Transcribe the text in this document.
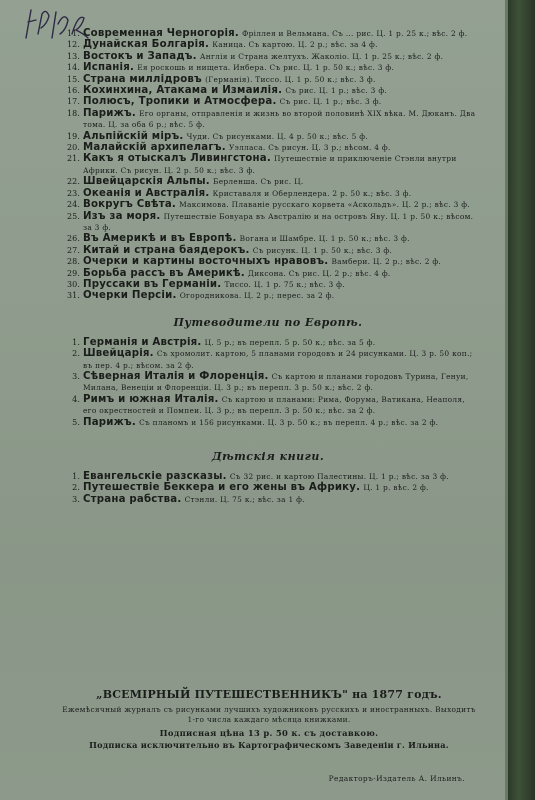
11. Современная Черногорія. Фріллея и Вельмана. Съ ... рис. Ц. 1 р. 25 к.; вѣс. 2 ф.
12. Дунайская Болгарія. Каница. Съ картою. Ц. 2 р.; вѣс. за 4 ф.
13. Востокъ и Западъ. Англія и Страна желтухъ. Жаколіо. Ц. 1 р. 25 к.; вѣс. 2 ф.
14. Испанія. Ея роскошь и нищета. Инбера. Съ рис. Ц. 1 р. 50 к.; вѣс. 3 ф.
15. Страна миллідровъ (Германія). Тиссо. Ц. 1 р. 50 к.; вѣс. 3 ф.
16. Кохинхина, Атакама и Измаилія. Съ рис. Ц. 1 р.; вѣс. 3 ф.
17. Полюсъ, Тропики и Атмосфера. Съ рис. Ц. 1 р.; вѣс. 3 ф.
18. Парижъ. Его органы, отправленія и жизнь во второй половинѣ XIX вѣка. М. Дюканъ. Два тома. Ц. за оба 6 р.; вѣс. 5 ф.
19. Альпійскій міръ. Чуди. Съ рисунками. Ц. 4 р. 50 к.; вѣс. 5 ф.
20. Малайскій архипелагъ. Уэлласа. Съ рисун. Ц. 3 р.; вѣсом. 4 ф.
21. Какъ я отыскалъ Ливингстона. Путешествіе и приключеніе Стэнли внутри Африки. Съ рисун. Ц. 2 р. 50 к.; вѣс. 3 ф.
22. Швейцарскія Альпы. Берленша. Съ рис. Ц.
23. Океанія и Австралія. Криставаля и Оберлендера. 2 р. 50 к.; вѣс. 3 ф.
24. Вокругъ Свѣта. Максимова. Плаваніе русскаго корвета «Аскольдъ». Ц. 2 р.; вѣс. 3 ф.
25. Изъ за моря. Путешествіе Бовуара въ Австралію и на островъ Яву. Ц. 1 р. 50 к.; вѣсом. за 3 ф.
26. Въ Америкѣ и въ Европѣ. Вогана и Шамбре. Ц. 1 р. 50 к.; вѣс. 3 ф.
27. Китай и страна баядерокъ. Съ рисунк. Ц. 1 р. 50 к.; вѣс. 3 ф.
28. Очерки и картины восточныхъ нравовъ. Вамбери. Ц. 2 р.; вѣс. 2 ф.
29. Борьба рассъ въ Америкѣ. Диксона. Съ рис. Ц. 2 р.; вѣс. 4 ф.
30. Пруссаки въ Германіи. Тиссо. Ц. 1 р. 75 к.; вѣс. 3 ф.
31. Очерки Персіи. Огородникова. Ц. 2 р.; перес. за 2 ф.
Путеводители по Европѣ.
1. Германія и Австрія. Ц. 5 р.; въ перепл. 5 р. 50 к.; вѣс. за 5 ф.
2. Швейцарія. Съ хромолит. картою, 5 планами городовъ и 24 рисунками. Ц. 3 р. 50 коп.; въ пер. 4 р.; вѣсом. за 2 ф.
3. Сѣверная Италія и Флоренція. Съ картою и планами городовъ Турина, Генуи, Милана, Венеціи и Флоренціи. Ц. 3 р.; въ перепл. 3 р. 50 к.; вѣс. 2 ф.
4. Римъ и южная Италія. Съ картою и планами: Рима, Форума, Ватикана, Неаполя, его окрестностей и Помпеи. Ц. 3 р.; въ перепл. 3 р. 50 к.; вѣс. за 2 ф.
5. Парижъ. Съ планомъ и 156 рисунками. Ц. 3 р. 50 к.; въ перепл. 4 р.; вѣс. за 2 ф.
Дѣтскія книги.
1. Евангельскіе разсказы. Съ 32 рис. и картою Палестины. Ц. 1 р.; вѣс. за 3 ф.
2. Путешествіе Беккера и его жены въ Африку. Ц. 1 р. вѣс. 2 ф.
3. Страна рабства. Стэнли. Ц. 75 к.; вѣс. за 1 ф.
„ВСЕМІРНЫЙ ПУТЕШЕСТВЕННИКЪ" на 1877 годъ.
Ежемѣсячный журналъ съ рисунками лучшихъ художниковъ русскихъ и иностранныхъ. Выходитъ 1-го числа каждаго мѣсяца книжками.
Подписная цѣна 13 р. 50 к. съ доставкою.
Подписка исключительно въ Картографическомъ Заведеніи г. Ильина.
Редакторъ-Издатель А. Ильинъ.
